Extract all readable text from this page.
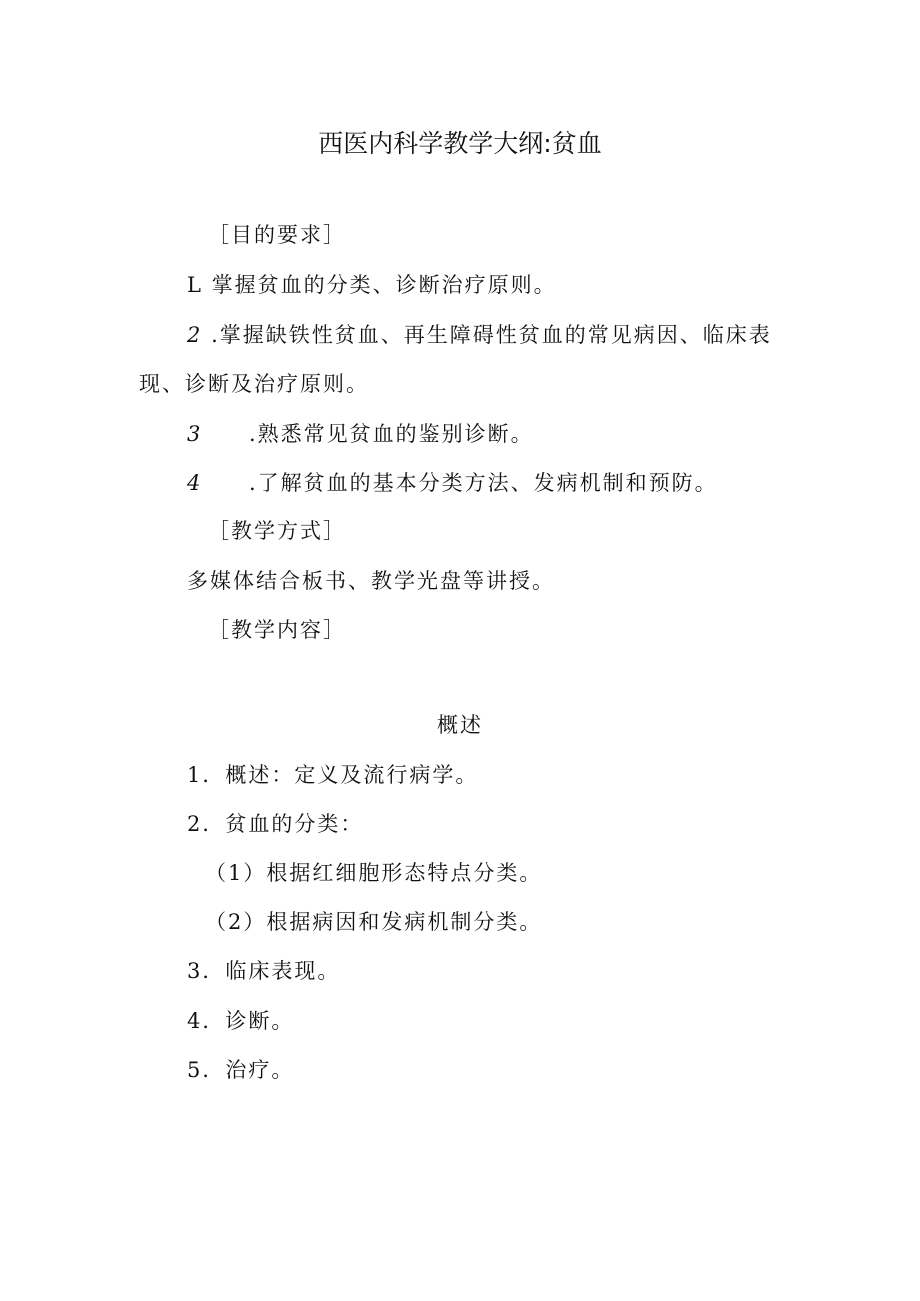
西医内科学教学大纲:贫血
［目的要求］
L 掌握贫血的分类、诊断治疗原则。
2 .掌握缺铁性贫血、再生障碍性贫血的常见病因、临床表
现、诊断及治疗原则。
3 .熟悉常见贫血的鉴别诊断。
4 .了解贫血的基本分类方法、发病机制和预防。
［教学方式］
多媒体结合板书、教学光盘等讲授。
［教学内容］
概述
1．概述：定义及流行病学。
2．贫血的分类：
（1）根据红细胞形态特点分类。
（2）根据病因和发病机制分类。
3．临床表现。
4．诊断。
5．治疗。
